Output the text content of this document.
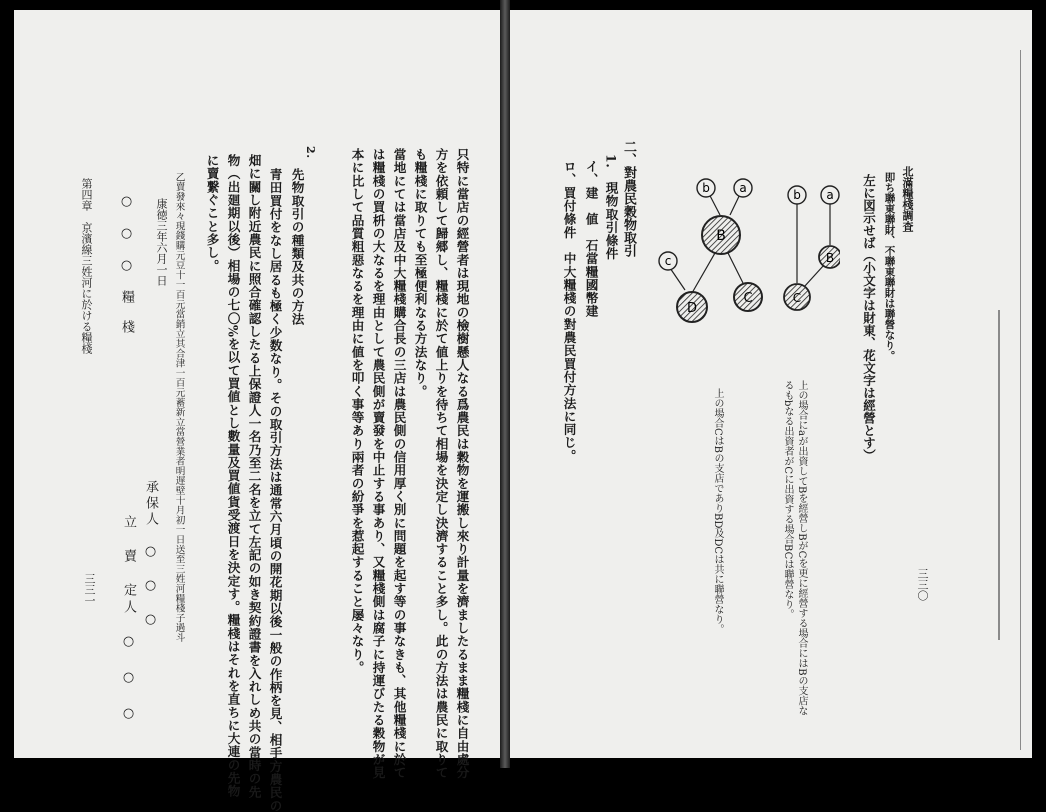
只特に當店の經營者は現地の檢樹懸人なる爲農民は穀物を運搬し來り計量を濟ましたるまま糧棧に自由處分
方を依頼して歸郷し、糧棧に於て値上りを待ちて相場を決定し決濟すること多し。此の方法は農民に取りて
も糧棧に取りても至極便利なる方法なり。
當地にては當店及中大糧棧購合長の三店は農民側の信用厚く別に問題を起す等の事なきも、其他糧棧に於て
は糧棧の買枡の大なるを理由として農民側が賣發を中止する事あり、又糧棧側は腐子に持運びたる穀物が見
本に比して品質粗惡なるを理由に値を叩く事等あり兩者の紛爭を惹起すること屡々なり。
2.
先物取引の種類及共の方法
青田買付をなし居るも極く少数なり。その取引方法は通常六月頃の開花期以後一般の作柄を見、相手方農民の
畑に關し附近農民に照合確認したる上保證人一名乃至二名を立て左記の如き契約證書を入れしめ共の當時の先
物（出廻期以後）相場の七〇%を以て買値とし數量及買値貨受渡日を決定す。糧棧はそれを直ちに大連の先物
に賣繋ぐこと多し。
乙賣發來々現錢購元豆十一百元當銷立其合津一百元蓄新立當營業者明遅壁十月初一日送至三姓河糧棧子過斗
康徳三年六月一日
○　○　○　糧　棧
承保人　○　○　○
立　賣　定人　○　○　○
第四章　京濱線三姓河に於ける糧棧
三三一
北滿糧棧調査
即ち聯東聯財、不聯東聯財は聯營なり。
左に図示せば（小文字は財東、花文字は經營とす）
b a
B
c
D
C
b a
B
C
上の場合にaが出資してBを經營しBがCを更に經營する場合にはBの支店な
るもbなる出資者がCに出資する場合BCは聯營なり。
上の場合CはBの支店でありBD及DCは共に聯營なり。
二、對農民穀物取引
1.　現物取引條件
イ、建　値　石當糧國幣建
ロ、買付條件　中大糧棧の對農民買付方法に同じ。
三三〇
